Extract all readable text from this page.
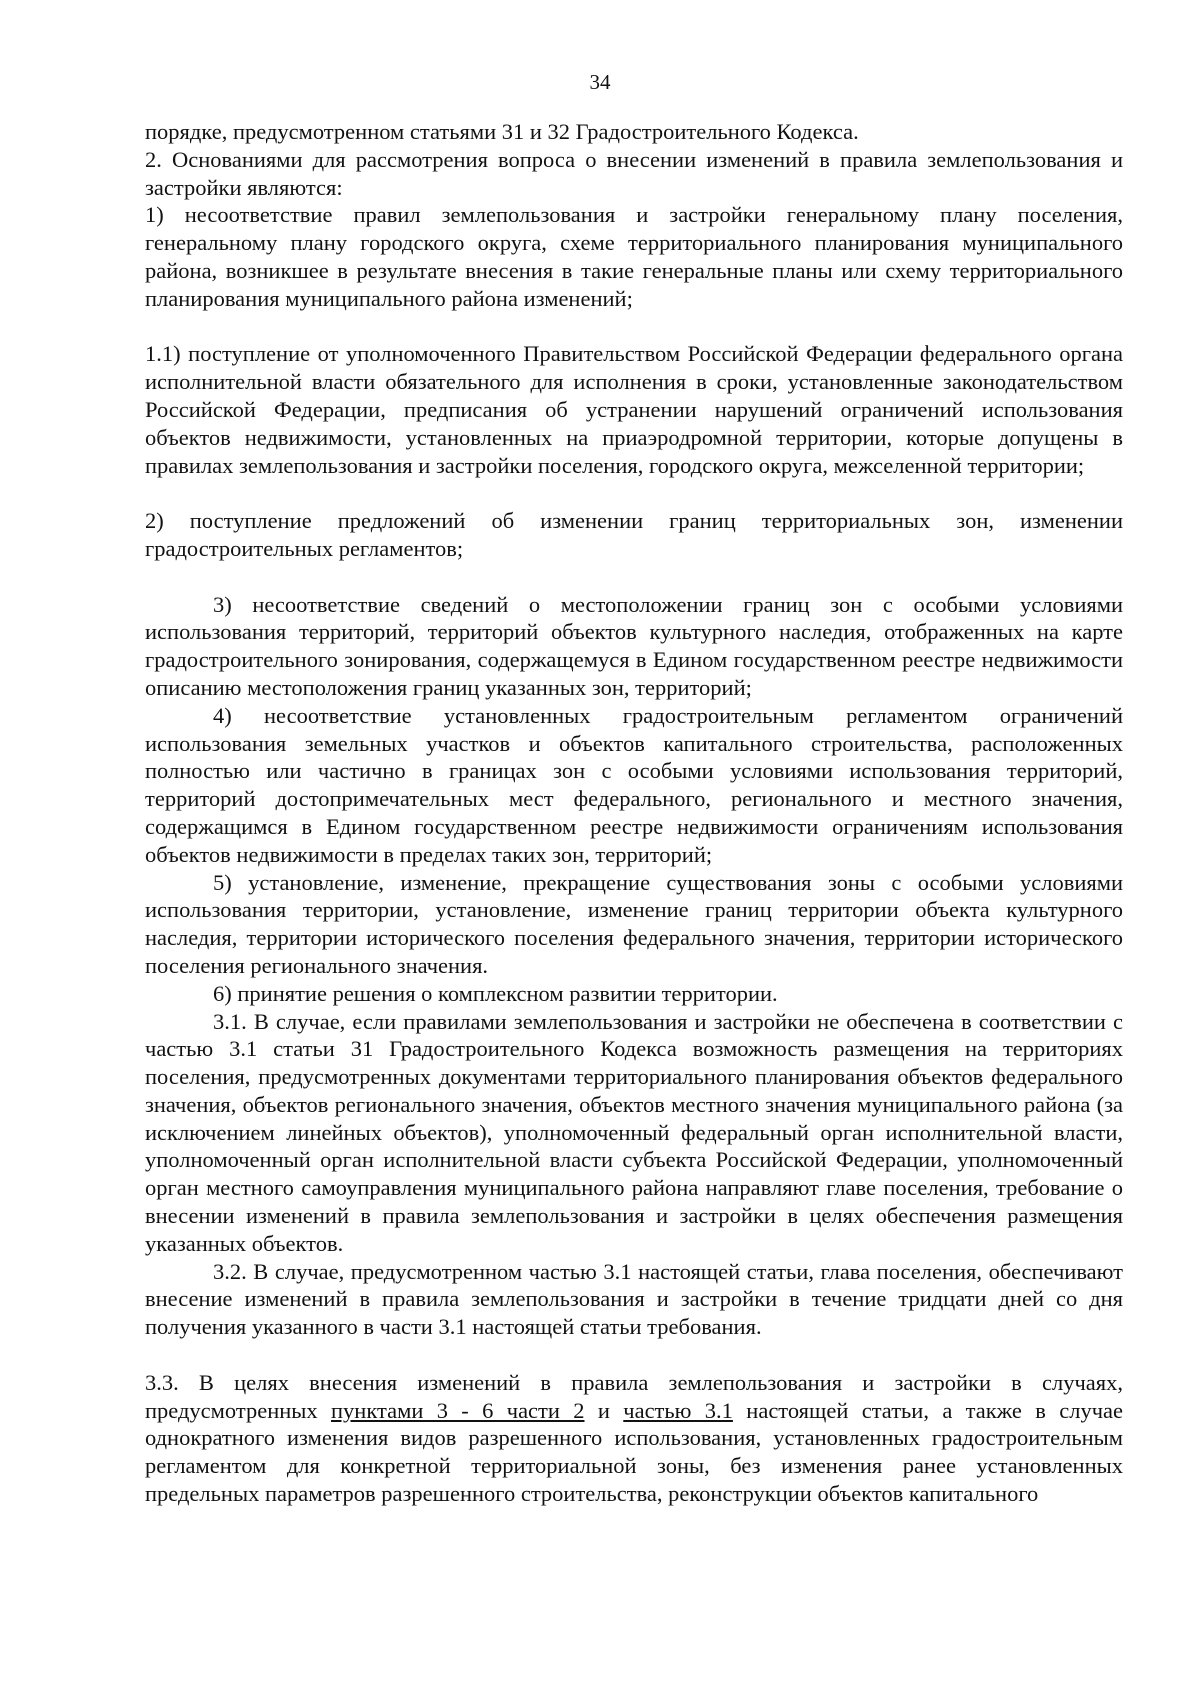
34

порядке, предусмотренном статьями 31 и 32 Градостроительного Кодекса.

2. Основаниями для рассмотрения вопроса о внесении изменений в правила землепользования и застройки являются:

1) несоответствие правил землепользования и застройки генеральному плану поселения, генеральному плану городского округа, схеме территориального планирования муниципального района, возникшее в результате внесения в такие генеральные планы или схему территориального планирования муниципального района изменений;

1.1) поступление от уполномоченного Правительством Российской Федерации федерального органа исполнительной власти обязательного для исполнения в сроки, установленные законодательством Российской Федерации, предписания об устранении нарушений ограничений использования объектов недвижимости, установленных на приаэродромной территории, которые допущены в правилах землепользования и застройки поселения, городского округа, межселенной территории;

2) поступление предложений об изменении границ территориальных зон, изменении градостроительных регламентов;

3) несоответствие сведений о местоположении границ зон с особыми условиями использования территорий, территорий объектов культурного наследия, отображенных на карте градостроительного зонирования, содержащемуся в Едином государственном реестре недвижимости описанию местоположения границ указанных зон, территорий;

4) несоответствие установленных градостроительным регламентом ограничений использования земельных участков и объектов капитального строительства, расположенных полностью или частично в границах зон с особыми условиями использования территорий, территорий достопримечательных мест федерального, регионального и местного значения, содержащимся в Едином государственном реестре недвижимости ограничениям использования объектов недвижимости в пределах таких зон, территорий;

5) установление, изменение, прекращение существования зоны с особыми условиями использования территории, установление, изменение границ территории объекта культурного наследия, территории исторического поселения федерального значения, территории исторического поселения регионального значения.

6) принятие решения о комплексном развитии территории.

3.1. В случае, если правилами землепользования и застройки не обеспечена в соответствии с частью 3.1 статьи 31 Градостроительного Кодекса возможность размещения на территориях поселения, предусмотренных документами территориального планирования объектов федерального значения, объектов регионального значения, объектов местного значения муниципального района (за исключением линейных объектов), уполномоченный федеральный орган исполнительной власти, уполномоченный орган исполнительной власти субъекта Российской Федерации, уполномоченный орган местного самоуправления муниципального района направляют главе поселения, требование о внесении изменений в правила землепользования и застройки в целях обеспечения размещения указанных объектов.

3.2. В случае, предусмотренном частью 3.1 настоящей статьи, глава поселения, обеспечивают внесение изменений в правила землепользования и застройки в течение тридцати дней со дня получения указанного в части 3.1 настоящей статьи требования.

3.3. В целях внесения изменений в правила землепользования и застройки в случаях, предусмотренных пунктами 3 - 6 части 2 и частью 3.1 настоящей статьи, а также в случае однократного изменения видов разрешенного использования, установленных градостроительным регламентом для конкретной территориальной зоны, без изменения ранее установленных предельных параметров разрешенного строительства, реконструкции объектов капитального
